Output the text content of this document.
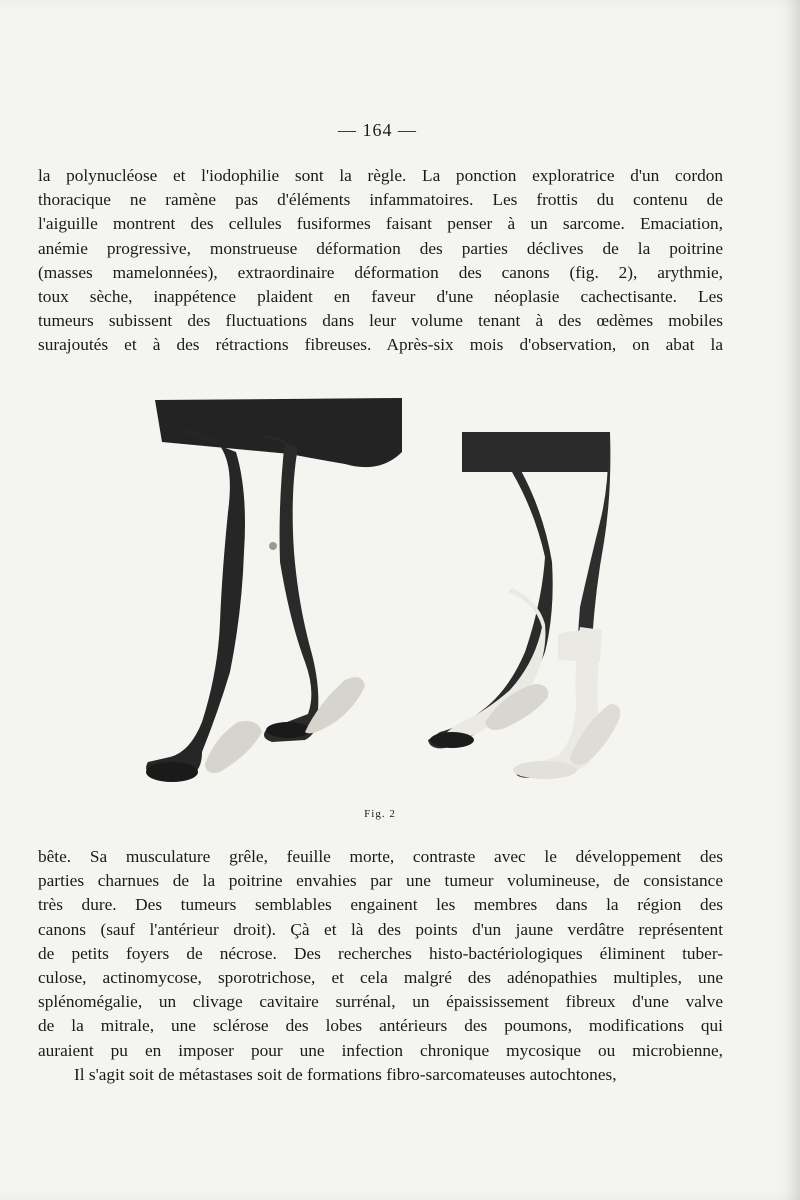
— 164 —
la polynucléose et l'iodophilie sont la règle. La ponction exploratrice d'un cordon
thoracique ne ramène pas d'éléments infammatoires. Les frottis du contenu de
l'aiguille montrent des cellules fusiformes faisant penser à un sarcome. Emaciation,
anémie progressive, monstrueuse déformation des parties déclives de la poitrine
(masses mamelonnées), extraordinaire déformation des canons (fig. 2), arythmie,
toux sèche, inappétence plaident en faveur d'une néoplasie cachectisante. Les
tumeurs subissent des fluctuations dans leur volume tenant à des œdèmes mobiles
surajoutés et à des rétractions fibreuses. Après-six mois d'observation, on abat la
Fig. 2
bête. Sa musculature grêle, feuille morte, contraste avec le développement des
parties charnues de la poitrine envahies par une tumeur volumineuse, de consistance
très dure. Des tumeurs semblables engainent les membres dans la région des
canons (sauf l'antérieur droit). Çà et là des points d'un jaune verdâtre représentent
de petits foyers de nécrose. Des recherches histo-bactériologiques éliminent tuber-
culose, actinomycose, sporotrichose, et cela malgré des adénopathies multiples, une
splénomégalie, un clivage cavitaire surrénal, un épaississement fibreux d'une valve
de la mitrale, une sclérose des lobes antérieurs des poumons, modifications qui
auraient pu en imposer pour une infection chronique mycosique ou microbienne,
Il s'agit soit de métastases soit de formations fibro-sarcomateuses autochtones,
